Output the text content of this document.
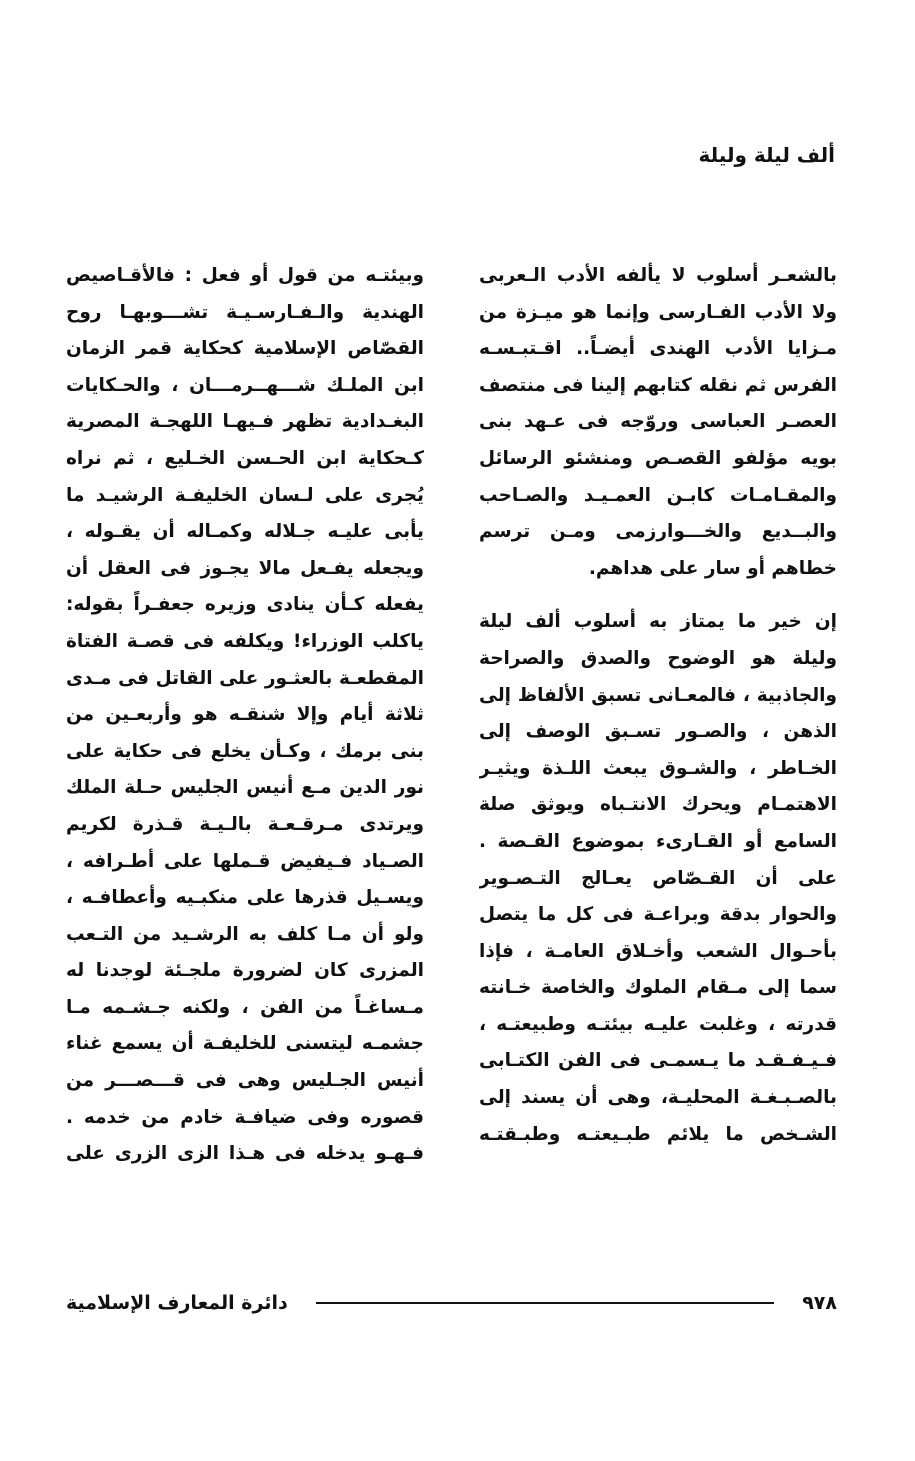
ألف ليلة وليلة
بالشعـر أسلوب لا يألفه الأدب الـعربى
ولا الأدب الفـارسى وإنما هو ميـزة من
مـزايا الأدب الهندى أيضـاً.. اقـتبـسـه
الفرس ثم نقله كتابهم إلينا فى منتصف
العصـر العباسى وروّجه فى عـهد بنى
بويه مؤلفو القصـص ومنشئو الرسائل
والمقـامـات كابـن العمـيـد والصـاحب
والبــديع والخـــوارزمى ومـن ترسم
خطاهم أو سار على هداهم.
إن خير ما يمتاز به أسلوب ألف ليلة
وليلة هو الوضوح والصدق والصراحة
والجاذبية ، فالمعـانى تسبق الألفاظ إلى
الذهن ، والصـور تسـبق الوصف إلى
الخـاطر ، والشـوق يبعث اللـذة ويثيـر
الاهتمـام ويحرك الانتـباه ويوثق صلة
السامع أو القـارىء بموضوع القـصة .
على أن القـصّاص يعـالج التـصـوير
والحوار بدقة وبراعـة فى كل ما يتصل
بأحـوال الشعب وأخـلاق العامـة ، فإذا
سما إلى مـقام الملوك والخاصة خـانته
قدرته ، وغلبت عليـه بيئتـه وطبيعتـه ،
فـيـفـقـد ما يـسمـى فى الفن الكتـابى
بالصـبـغـة المحليـة، وهى أن يسند إلى
الشـخص ما يلائم طبـيعتـه وطبـقتـه
وبيئتـه من قول أو فعل : فالأقـاصيص
الهندية والـفـارسـيـة تشـــوبهـا روح
القصّاص الإسلامية كحكاية قمر الزمان
ابن الملـك شـــهــرمـــان ، والحـكايات
البغـدادية تظهر فـيهـا اللهجـة المصرية
كـحكاية ابن الحـسن الخـليع ، ثم نراه
يُجرى على لـسان الخليفـة الرشيـد ما
يأبى عليـه جـلاله وكمـاله أن يقـوله ،
ويجعله يفـعل مالا يجـوز فى العقل أن
يفعله كـأن ينادى وزيره جعفـراً بقوله:
ياكلب الوزراء! ويكلفه فى قصـة الفتاة
المقطعـة بالعثـور على القاتل فى مـدى
ثلاثة أيام وإلا شنقـه هو وأربعـين من
بنى برمك ، وكـأن يخلع فى حكاية على
نور الدين مـع أنيس الجليس حـلة الملك
ويرتدى مـرقـعـة بالـيـة قـذرة لكريم
الصـياد فـيفيض قـملها على أطـرافه ،
ويسـيل قذرها على منكبـيه وأعطافـه ،
ولو أن مـا كلف به الرشـيد من التـعب
المزرى كان لضرورة ملجـئة لوجدنا له
مـساغـاً من الفن ، ولكنه جـشـمه مـا
جشمـه ليتسنى للخليفـة أن يسمع غناء
أنيس الجـليس وهى فى قـــصـــر من
قصوره وفى ضيافـة خادم من خدمه .
فـهـو يدخله فى هـذا الزى الزرى على
٩٧٨
دائرة المعارف الإسلامية
